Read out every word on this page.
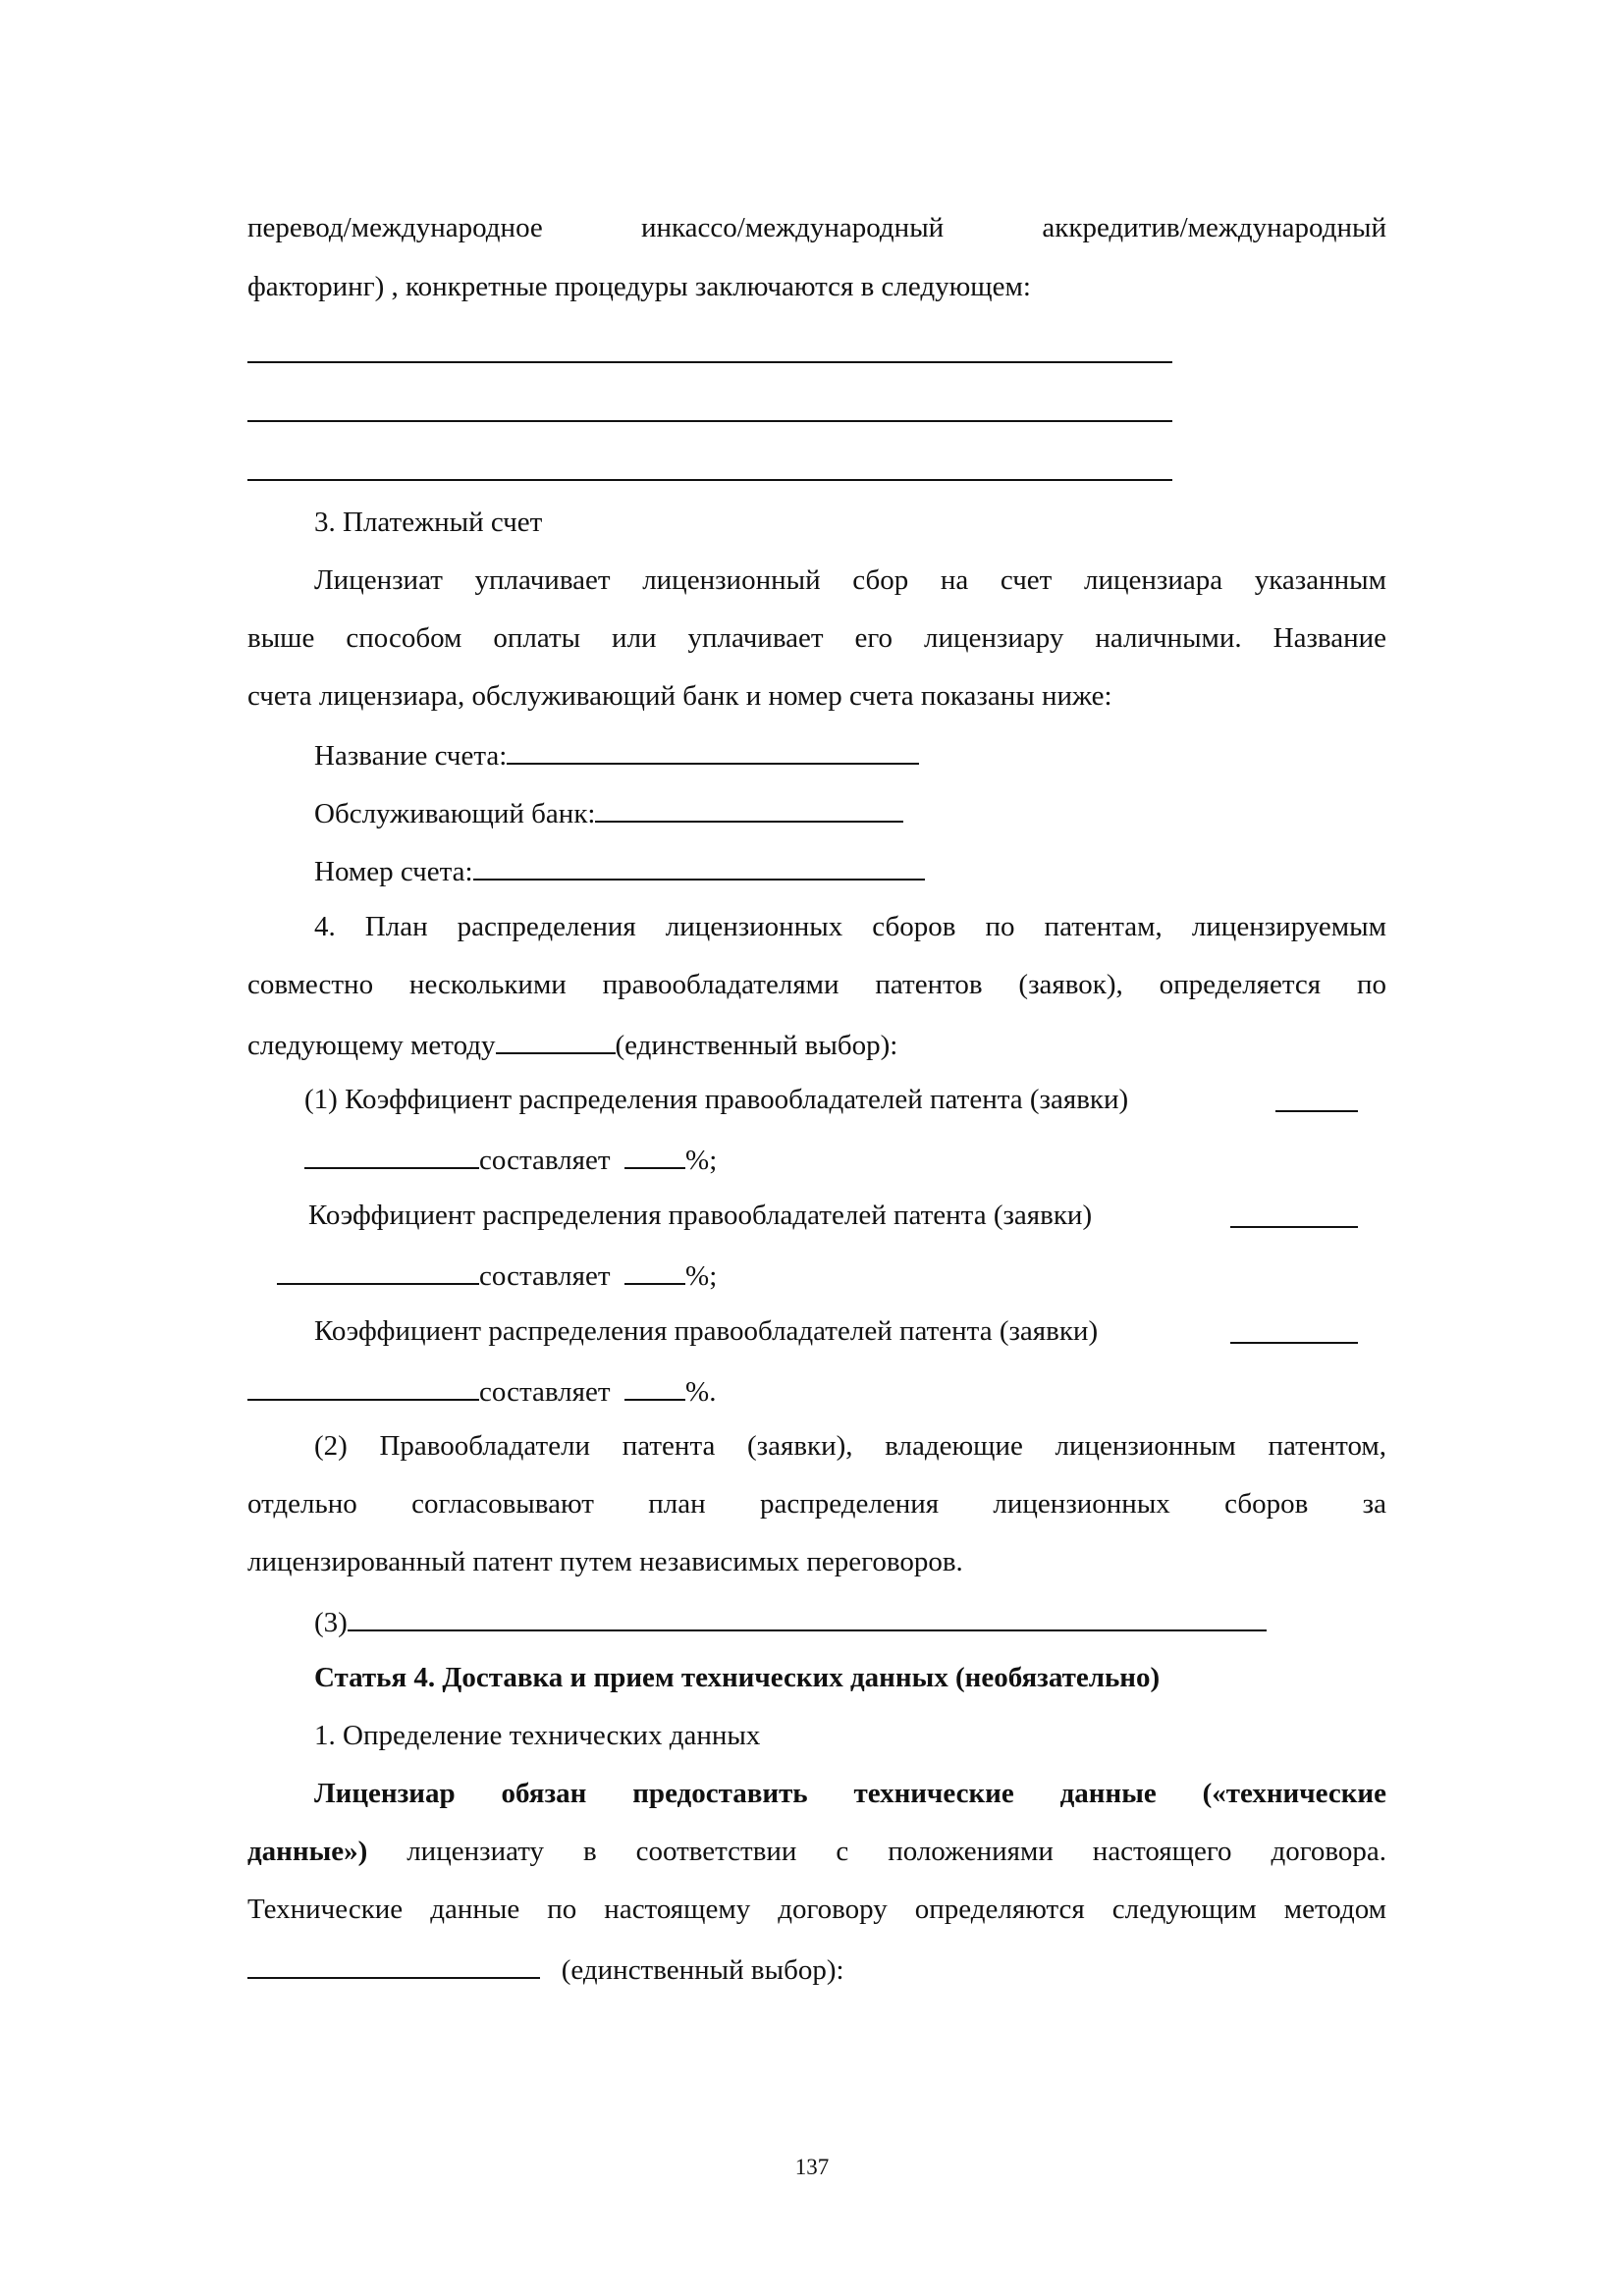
перевод/международное инкассо/международный аккредитив/международный
факторинг) , конкретные процедуры заключаются в следующем:
3. Платежный счет
Лицензиат уплачивает лицензионный сбор на счет лицензиара указанным
выше способом оплаты или уплачивает его лицензиару наличными. Название
счета лицензиара, обслуживающий банк и номер счета показаны ниже:
Название счета:
Обслуживающий банк:
Номер счета:
4. План распределения лицензионных сборов по патентам, лицензируемым
совместно несколькими правообладателями патентов (заявок), определяется по
следующему методу	(единственный выбор):
(1) Коэффициент распределения правообладателей патента (заявки)
составляет	%;
Коэффициент распределения правообладателей патента (заявки)
составляет	%;
Коэффициент распределения правообладателей патента (заявки)
составляет	%.
(2) Правообладатели патента (заявки), владеющие лицензионным патентом,
отдельно согласовывают план распределения лицензионных сборов за
лицензированный патент путем независимых переговоров.
(3)
Статья 4. Доставка и прием технических данных (необязательно)
1. Определение технических данных
Лицензиар обязан предоставить технические данные («технические
данные») лицензиату в соответствии с положениями настоящего договора.
Технические данные по настоящему договору определяются следующим методом
(единственный выбор):
137
